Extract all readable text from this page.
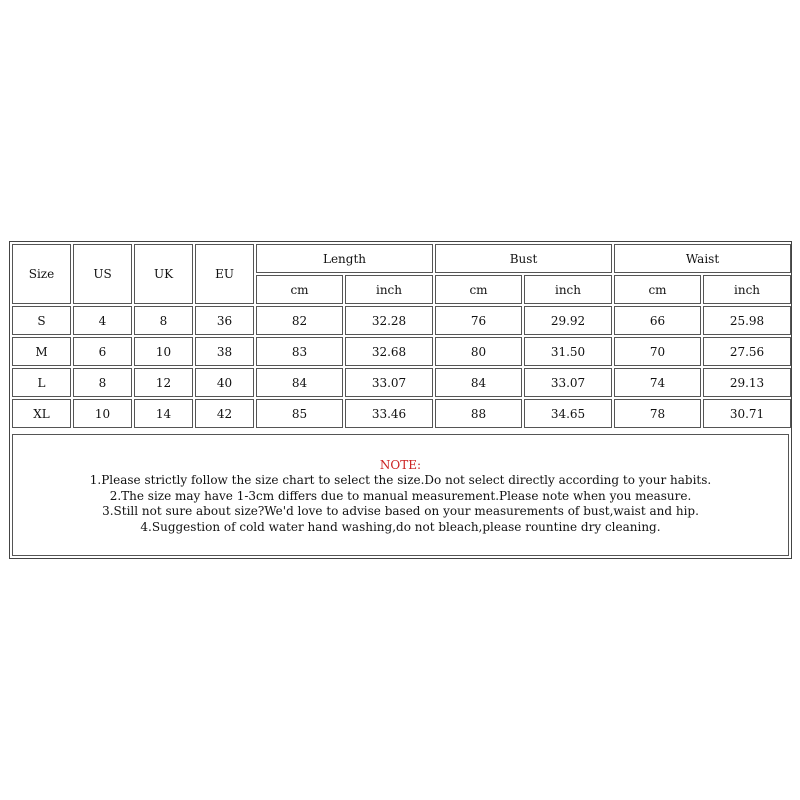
Size	US	UK	EU	Length		Bust		Waist	
				cm	inch	cm	inch	cm	inch
S	4	8	36	82	32.28	76	29.92	66	25.98
M	6	10	38	83	32.68	80	31.50	70	27.56
L	8	12	40	84	33.07	84	33.07	74	29.13
XL	10	14	42	85	33.46	88	34.65	78	30.71
NOTE:
1.Please strictly follow the size chart to select the size.Do not select directly according to your habits.
2.The size may have 1-3cm differs due to manual measurement.Please note when you measure.
3.Still not sure about size?We'd love to advise based on your measurements of bust,waist and hip.
4.Suggestion of cold water hand washing,do not bleach,please rountine dry cleaning.
